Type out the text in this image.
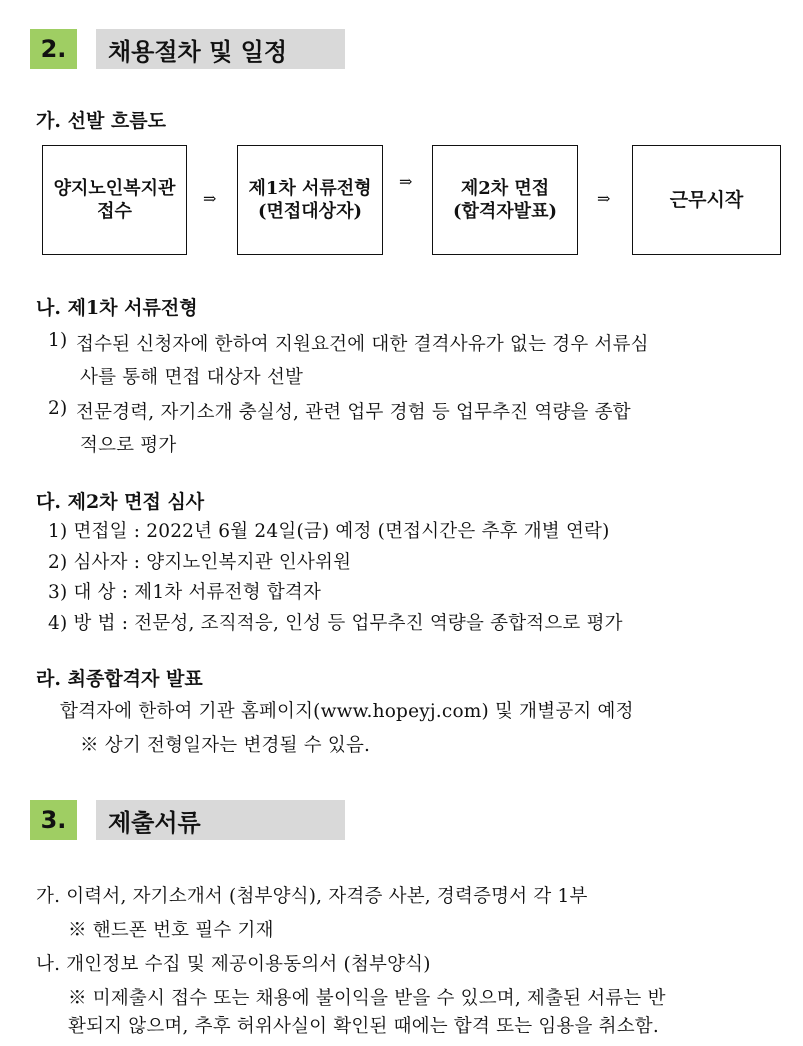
2.	채용절차 및 일정
가. 선발 흐름도
양지노인복지관
접수
⇒ 제1차 서류전형
(면접대상자)
⇒	제2차 면접
(합격자발표)
⇒	근무시작
나. 제1차 서류전형
1) 접수된 신청자에 한하여 지원요건에 대한 결격사유가 없는 경우 서류심
사를 통해 면접 대상자 선발
2) 전문경력, 자기소개 충실성, 관련 업무 경험 등 업무추진 역량을 종합
적으로 평가
다. 제2차 면접 심사
1) 면접일 : 2022년 6월 24일(금) 예정 (면접시간은 추후 개별 연락)
2) 심사자 : 양지노인복지관 인사위원
3) 대 상 : 제1차 서류전형 합격자
4) 방 법 : 전문성, 조직적응, 인성 등 업무추진 역량을 종합적으로 평가
라. 최종합격자 발표
합격자에 한하여 기관 홈페이지(www.hopeyj.com) 및 개별공지 예정
※ 상기 전형일자는 변경될 수 있음.
3.	제출서류
가. 이력서, 자기소개서 (첨부양식), 자격증 사본, 경력증명서 각 1부
※ 핸드폰 번호 필수 기재
나. 개인정보 수집 및 제공이용동의서 (첨부양식)
※ 미제출시 접수 또는 채용에 불이익을 받을 수 있으며, 제출된 서류는 반
환되지 않으며, 추후 허위사실이 확인된 때에는 합격 또는 임용을 취소함.
